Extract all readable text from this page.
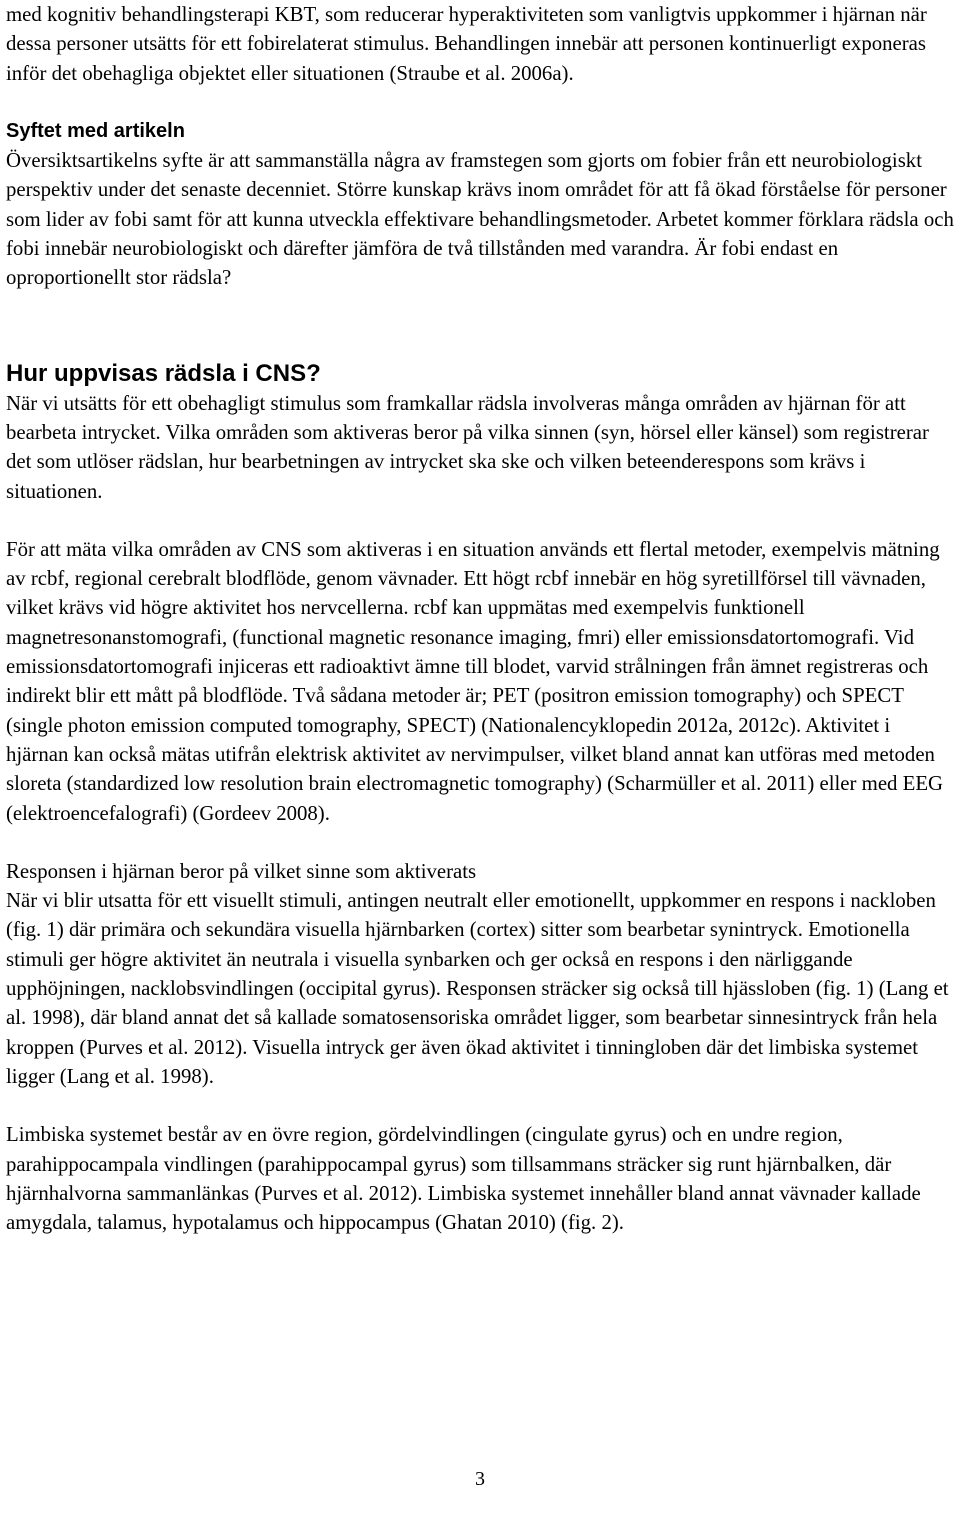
med kognitiv behandlingsterapi KBT, som reducerar hyperaktiviteten som vanligtvis uppkommer i hjärnan när dessa personer utsätts för ett fobirelaterat stimulus. Behandlingen innebär att personen kontinuerligt exponeras inför det obehagliga objektet eller situationen (Straube et al. 2006a).

Syftet med artikeln

Översiktsartikelns syfte är att sammanställa några av framstegen som gjorts om fobier från ett neurobiologiskt perspektiv under det senaste decenniet. Större kunskap krävs inom området för att få ökad förståelse för personer som lider av fobi samt för att kunna utveckla effektivare behandlingsmetoder. Arbetet kommer förklara rädsla och fobi innebär neurobiologiskt och därefter jämföra de två tillstånden med varandra. Är fobi endast en oproportionellt stor rädsla?

Hur uppvisas rädsla i CNS?

När vi utsätts för ett obehagligt stimulus som framkallar rädsla involveras många områden av hjärnan för att bearbeta intrycket. Vilka områden som aktiveras beror på vilka sinnen (syn, hörsel eller känsel) som registrerar det som utlöser rädslan, hur bearbetningen av intrycket ska ske och vilken beteenderespons som krävs i situationen.

För att mäta vilka områden av CNS som aktiveras i en situation används ett flertal metoder, exempelvis mätning av rcbf, regional cerebralt blodflöde, genom vävnader. Ett högt rcbf innebär en hög syretillförsel till vävnaden, vilket krävs vid högre aktivitet hos nervcellerna. rcbf kan uppmätas med exempelvis funktionell magnetresonanstomografi, (functional magnetic resonance imaging, fmri) eller emissionsdatortomografi. Vid emissionsdatortomografi injiceras ett radioaktivt ämne till blodet, varvid strålningen från ämnet registreras och indirekt blir ett mått på blodflöde. Två sådana metoder är; PET (positron emission tomography) och SPECT (single photon emission computed tomography, SPECT) (Nationalencyklopedin 2012a, 2012c). Aktivitet i hjärnan kan också mätas utifrån elektrisk aktivitet av nervimpulser, vilket bland annat kan utföras med metoden sloreta (standardized low resolution brain electromagnetic tomography) (Scharmüller et al. 2011) eller med EEG (elektroencefalografi) (Gordeev 2008).

Responsen i hjärnan beror på vilket sinne som aktiverats

När vi blir utsatta för ett visuellt stimuli, antingen neutralt eller emotionellt, uppkommer en respons i nackloben (fig. 1) där primära och sekundära visuella hjärnbarken (cortex) sitter som bearbetar synintryck. Emotionella stimuli ger högre aktivitet än neutrala i visuella synbarken och ger också en respons i den närliggande upphöjningen, nacklobsvindlingen (occipital gyrus). Responsen sträcker sig också till hjässloben (fig. 1) (Lang et al. 1998), där bland annat det så kallade somatosensoriska området ligger, som bearbetar sinnesintryck från hela kroppen (Purves et al. 2012). Visuella intryck ger även ökad aktivitet i tinningloben där det limbiska systemet ligger (Lang et al. 1998).

Limbiska systemet består av en övre region, gördelvindlingen (cingulate gyrus) och en undre region, parahippocampala vindlingen (parahippocampal gyrus) som tillsammans sträcker sig runt hjärnbalken, där hjärnhalvorna sammanlänkas (Purves et al. 2012). Limbiska systemet innehåller bland annat vävnader kallade amygdala, talamus, hypotalamus och hippocampus (Ghatan 2010) (fig. 2).

3
